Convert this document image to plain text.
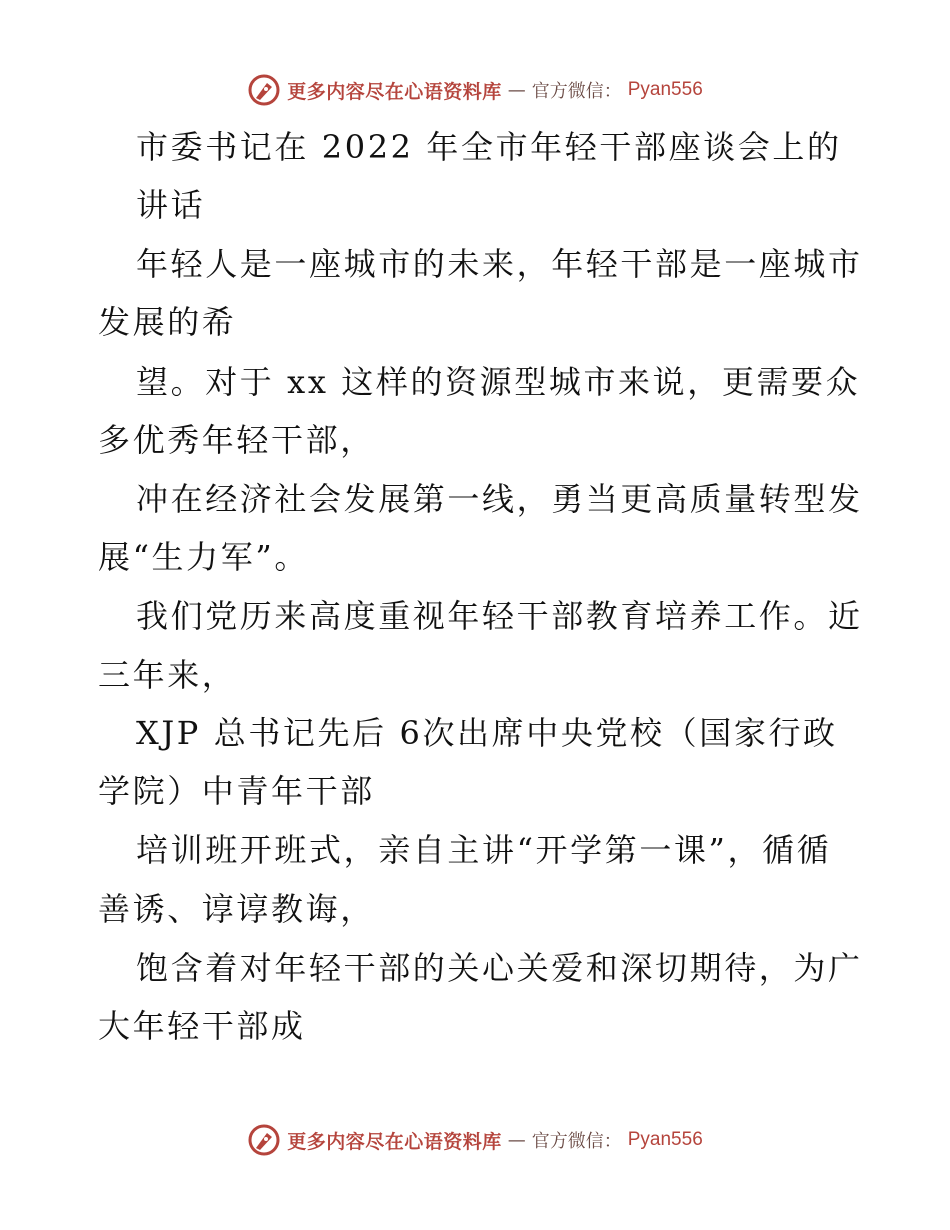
更多内容尽在心语资料库 — 官方微信： Pyan556
市委书记在 2022 年全市年轻干部座谈会上的
讲话
年轻人是一座城市的未来，年轻干部是一座城市
发展的希
望。对于 xx 这样的资源型城市来说，更需要众
多优秀年轻干部，
冲在经济社会发展第一线，勇当更高质量转型发
展“生力军”。
我们党历来高度重视年轻干部教育培养工作。近
三年来，
XJP 总书记先后 6次出席中央党校（国家行政
学院）中青年干部
培训班开班式，亲自主讲“开学第一课”，循循
善诱、谆谆教诲，
饱含着对年轻干部的关心关爱和深切期待，为广
大年轻干部成
更多内容尽在心语资料库 — 官方微信： Pyan556
